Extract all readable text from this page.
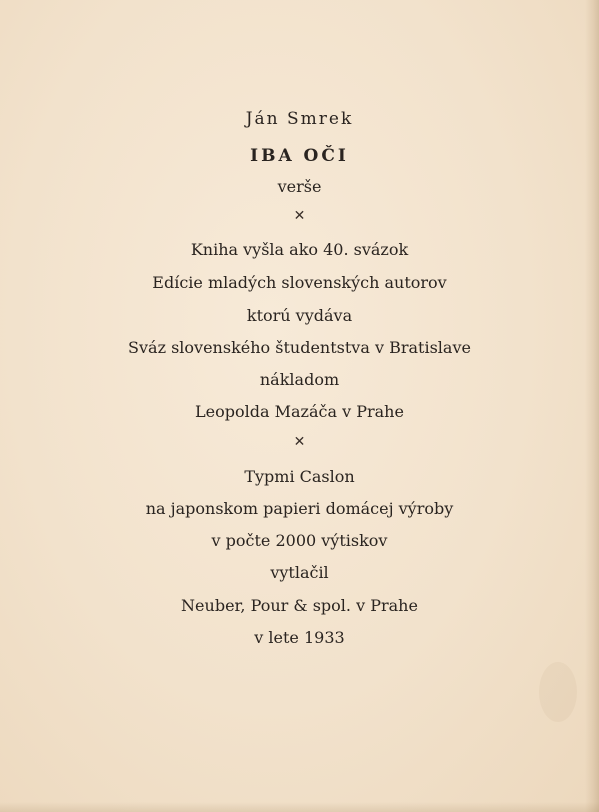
Ján Smrek
IBA OČI
verše
✕
Kniha vyšla ako 40. svázok
Edície mladých slovenských autorov
ktorú vydáva
Sváz slovenského študentstva v Bratislave
nákladom
Leopolda Mazáča v Prahe
✕
Typmi Caslon
na japonskom papieri domácej výroby
v počte 2000 výtiskov
vytlačil
Neuber, Pour & spol. v Prahe
v lete 1933
